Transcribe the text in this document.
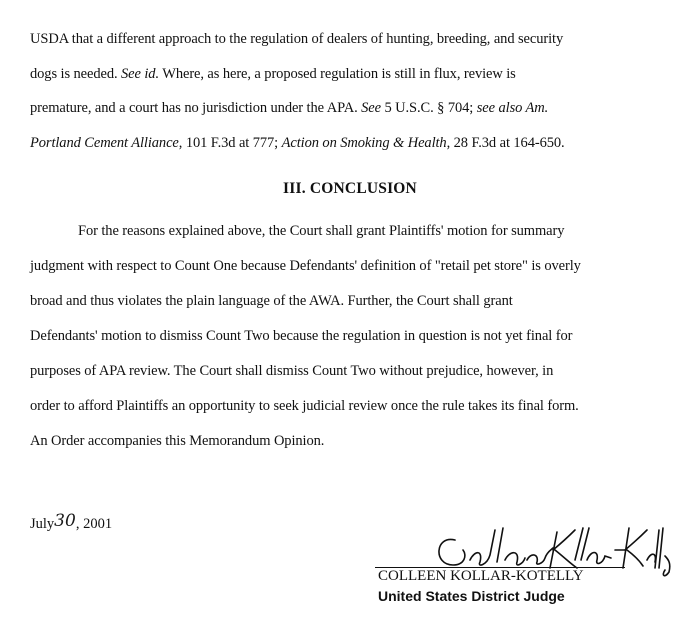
USDA that a different approach to the regulation of dealers of hunting, breeding, and security
dogs is needed. See id. Where, as here, a proposed regulation is still in flux, review is
premature, and a court has no jurisdiction under the APA. See 5 U.S.C. § 704; see also Am.
Portland Cement Alliance, 101 F.3d at 777; Action on Smoking & Health, 28 F.3d at 164-650.
III. CONCLUSION
For the reasons explained above, the Court shall grant Plaintiffs' motion for summary
judgment with respect to Count One because Defendants' definition of "retail pet store" is overly
broad and thus violates the plain language of the AWA. Further, the Court shall grant
Defendants' motion to dismiss Count Two because the regulation in question is not yet final for
purposes of APA review. The Court shall dismiss Count Two without prejudice, however, in
order to afford Plaintiffs an opportunity to seek judicial review once the rule takes its final form.
An Order accompanies this Memorandum Opinion.
July30, 2001
COLLEEN KOLLAR-KOTELLY
United States District Judge
